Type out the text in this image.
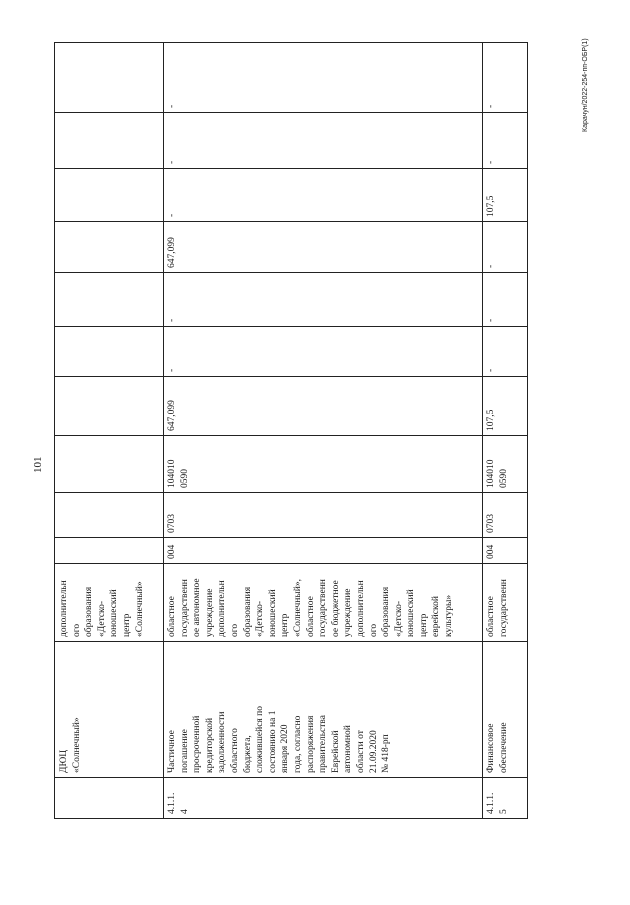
101
Карачун/2022-254-пп-ОБР(1)
ДЮЦ
«Солнечный»
дополнительн
ого
образования
«Детско-
юношеский
центр
«Солнечный»
4.1.1.
4
Частичное
погашение
просроченной
кредиторской
задолженности
областного
бюджета,
сложившейся по
состоянию на 1
января 2020
года, согласно
распоряжения
правительства
Еврейской
автономной
области от
21.09.2020
№ 418-рп
областное
государственн
ое автономное
учреждение
дополнительн
ого
образования
«Детско-
юношеский
центр
«Солнечный»,
областное
государственн
ое бюджетное
учреждение
дополнительн
ого
образования
«Детско-
юношеский
центр
еврейской
культуры»
004
0703
104010
0590
647,099
-
-
647,099
-
-
-
4.1.1.
5
Финансовое
обеспечение
областное
государственн
004
0703
104010
0590
107,5
-
-
-
107,5
-
-
